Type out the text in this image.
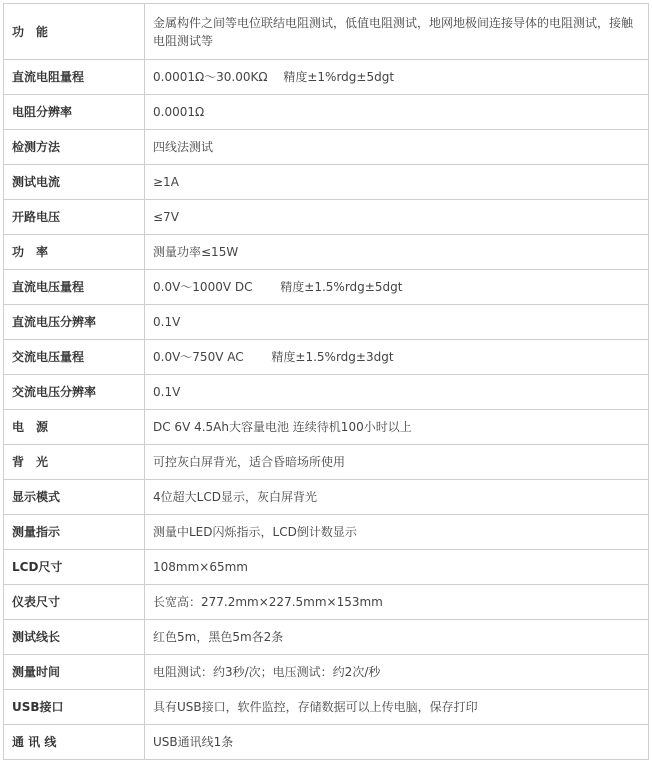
功　能	金属构件之间等电位联结电阻测试，低值电阻测试，地网地极间连接导体的电阻测试，接触电阻测试等
直流电阻量程	0.0001Ω～30.00KΩ　 精度±1%rdg±5dgt
电阻分辨率	0.0001Ω
检测方法	四线法测试
测试电流	≥1A
开路电压	≤7V
功　率	测量功率≤15W
直流电压量程	0.0V～1000V DC　　 精度±1.5%rdg±5dgt
直流电压分辨率	0.1V
交流电压量程	0.0V～750V AC　　 精度±1.5%rdg±3dgt
交流电压分辨率	0.1V
电　源	DC 6V 4.5Ah大容量电池 连续待机100小时以上
背　光	可控灰白屏背光，适合昏暗场所使用
显示模式	4位超大LCD显示，灰白屏背光
测量指示	测量中LED闪烁指示，LCD倒计数显示
LCD尺寸	108mm×65mm
仪表尺寸	长宽高：277.2mm×227.5mm×153mm
测试线长	红色5m，黑色5m各2条
测量时间	电阻测试：约3秒/次；电压测试：约2次/秒
USB接口	具有USB接口，软件监控，存储数据可以上传电脑，保存打印
通 讯 线	USB通讯线1条
